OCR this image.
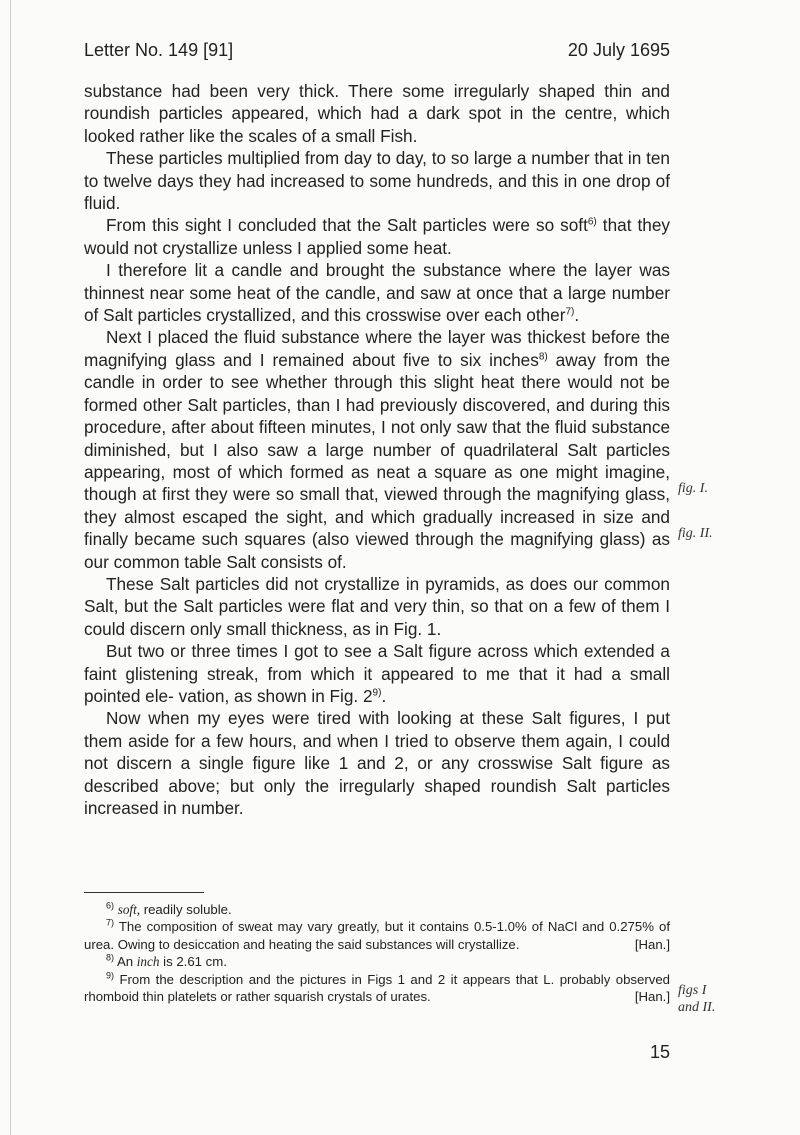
Letter No. 149 [91]	20 July 1695

substance had been very thick. There some irregularly shaped thin and roundish particles appeared, which had a dark spot in the centre, which looked rather like the scales of a small Fish.

These particles multiplied from day to day, to so large a number that in ten to twelve days they had increased to some hundreds, and this in one drop of fluid.

From this sight I concluded that the Salt particles were so soft$^{6)}$ that they would not crystallize unless I applied some heat.

I therefore lit a candle and brought the substance where the layer was thinnest near some heat of the candle, and saw at once that a large number of Salt particles crystallized, and this crosswise over each other$^{7)}$.

Next I placed the fluid substance where the layer was thickest before the magnifying glass and I remained about five to six inches$^{8)}$ away from the candle in order to see whether through this slight heat there would not be formed other Salt particles, than I had previously discovered, and during this procedure, after about fifteen minutes, I not only saw that the fluid substance diminished, but I also saw a large number of quadrilateral Salt particles appearing, most of which formed as neat a square as one might imagine, though at first they were so small that, viewed through the magnifying glass, they almost escaped the sight, and which gradually increased in size and finally became such squares (also viewed through the magnifying glass) as our common table Salt consists of.

These Salt particles did not crystallize in pyramids, as does our common Salt, but the Salt particles were flat and very thin, so that on a few of them I could discern only small thickness, as in Fig. 1.

But two or three times I got to see a Salt figure across which extended a faint glistening streak, from which it appeared to me that it had a small pointed ele- vation, as shown in Fig. 2$^{9)}$.

Now when my eyes were tired with looking at these Salt figures, I put them aside for a few hours, and when I tried to observe them again, I could not discern a single figure like 1 and 2, or any crosswise Salt figure as described above; but only the irregularly shaped roundish Salt particles increased in number.

fig. I.
fig. II.
$^{6)}$ soft, readily soluble.
$^{7)}$ The composition of sweat may vary greatly, but it contains 0.5-1.0% of NaCl and 0.275% of urea. Owing to desiccation and heating the said substances will crystallize.	[Han.]
$^{8)}$ An inch is 2.61 cm.
$^{9)}$ From the description and the pictures in Figs 1 and 2 it appears that L. probably observed rhomboid thin platelets or rather squarish crystals of urates.	[Han.] figs I
and II.
15
